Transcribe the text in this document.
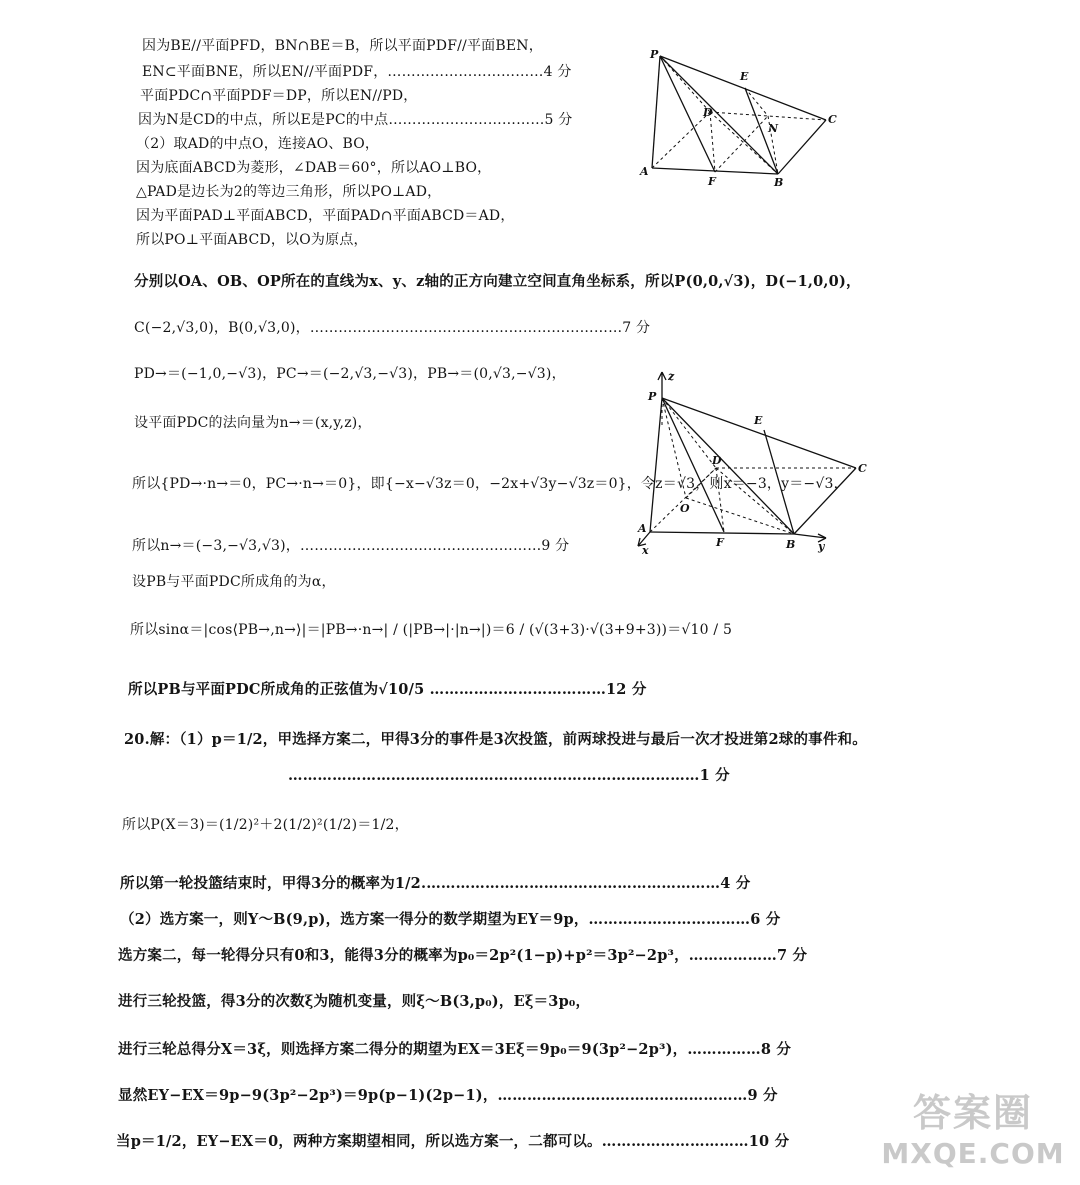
因为BE//平面PFD，BN∩BE＝B，所以平面PDF//平面BEN，
EN⊂平面BNE，所以EN//平面PDF，……………………………4 分
平面PDC∩平面PDF＝DP，所以EN//PD，
因为N是CD的中点，所以E是PC的中点……………………………5 分
（2）取AD的中点O，连接AO、BO，
因为底面ABCD为菱形，∠DAB＝60°，所以AO⊥BO，
△PAD是边长为2的等边三角形，所以PO⊥AD，
因为平面PAD⊥平面ABCD，平面PAD∩平面ABCD＝AD，
所以PO⊥平面ABCD，以O为原点，
分别以OA、OB、OP所在的直线为x、y、z轴的正方向建立空间直角坐标系，所以P(0,0,√3)，D(−1,0,0)，
C(−2,√3,0)，B(0,√3,0)，…………………………………………………………7 分
PD→＝(−1,0,−√3)，PC→＝(−2,√3,−√3)，PB→＝(0,√3,−√3)，
设平面PDC的法向量为n→＝(x,y,z)，
所以{PD→·n→＝0，PC→·n→＝0}，即{−x−√3z＝0，−2x+√3y−√3z＝0}，令z＝√3，则x＝−3，y＝−√3，
所以n→＝(−3,−√3,√3)，……………………………………………9 分
设PB与平面PDC所成角的为α，
所以sinα＝|cos⟨PB→,n→⟩|＝|PB→·n→| / (|PB→|·|n→|)＝6 / (√(3+3)·√(3+9+3))＝√10 / 5
所以PB与平面PDC所成角的正弦值为√10/5 ………………………………12 分
20.解：（1）p＝1/2，甲选择方案二，甲得3分的事件是3次投篮，前两球投进与最后一次才投进第2球的事件和。
…………………………………………………………………………1 分
所以P(X＝3)＝(1/2)²＋2(1/2)²(1/2)＝1/2，
所以第一轮投篮结束时，甲得3分的概率为1/2.……………………………………………………4 分
（2）选方案一，则Y～B(9,p)，选方案一得分的数学期望为EY＝9p，……………………………6 分
选方案二，每一轮得分只有0和3，能得3分的概率为p₀＝2p²(1−p)+p²＝3p²−2p³，………………7 分
进行三轮投篮，得3分的次数ξ为随机变量，则ξ～B(3,p₀)，Eξ＝3p₀，
进行三轮总得分X＝3ξ，则选择方案二得分的期望为EX＝3Eξ＝9p₀＝9(3p²−2p³)，……………8 分
显然EY−EX＝9p−9(3p²−2p³)＝9p(p−1)(2p−1)，……………………………………………9 分
当p＝1/2，EY−EX＝0，两种方案期望相同，所以选方案一，二都可以。…………………………10 分
P
E
D
N
C
A
F	B
z
P
E
D
C
O
A
F	B
x	y
答案圈
MXQE.COM
